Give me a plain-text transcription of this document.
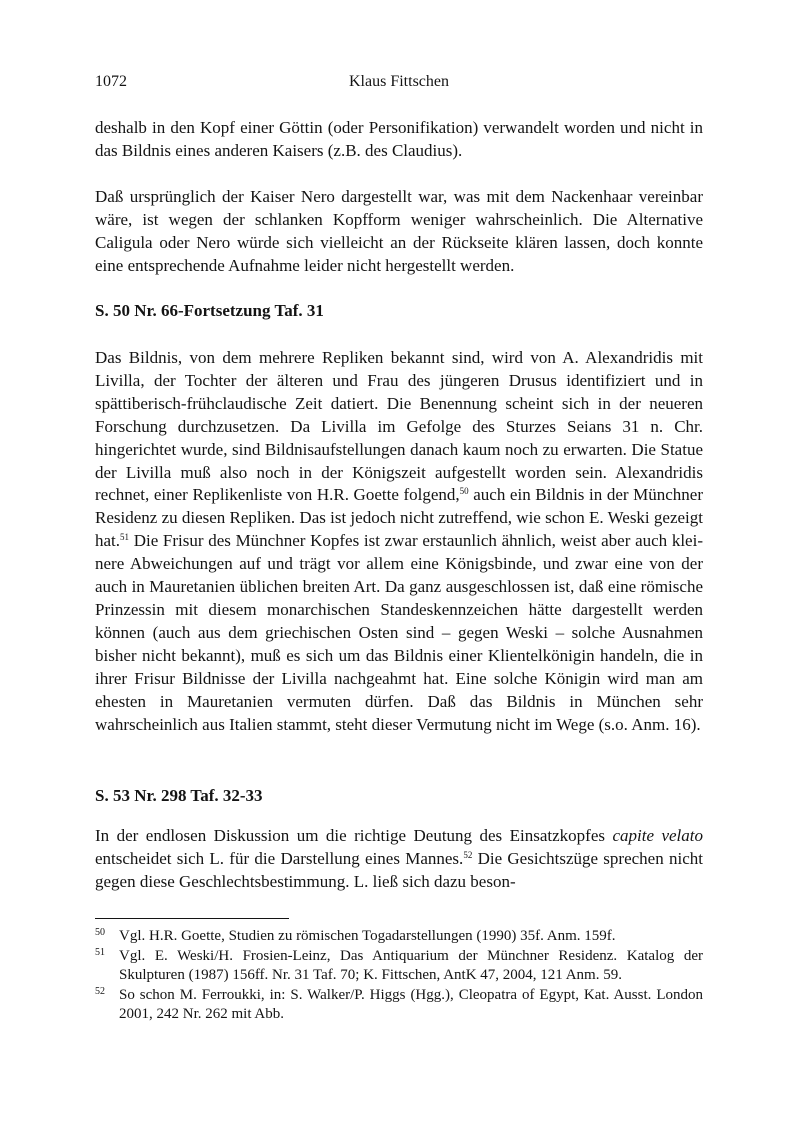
1072	Klaus Fittschen

deshalb in den Kopf einer Göttin (oder Personifikation) verwandelt worden und nicht in das Bildnis eines anderen Kaisers (z.B. des Claudius).

Daß ursprünglich der Kaiser Nero dargestellt war, was mit dem Nackenhaar vereinbar wäre, ist wegen der schlanken Kopfform weniger wahrscheinlich. Die Alternative Caligula oder Nero würde sich vielleicht an der Rückseite klären lassen, doch konnte eine entsprechende Aufnahme leider nicht hergestellt werden.

S. 50 Nr. 66-Fortsetzung Taf. 31

Das Bildnis, von dem mehrere Repliken bekannt sind, wird von A. Alexandridis mit Livilla, der Tochter der älteren und Frau des jüngeren Drusus identifiziert und in spättiberisch-frühclaudische Zeit datiert. Die Benennung scheint sich in der neueren Forschung durchzusetzen. Da Livilla im Gefolge des Sturzes Seians 31 n. Chr. hingerichtet wurde, sind Bildnisaufstellungen danach kaum noch zu erwarten. Die Statue der Livilla muß also noch in der Königszeit aufgestellt worden sein. Alexandridis rechnet, einer Replikenliste von H.R. Goette folgend,$^{50}$ auch ein Bildnis in der Münchner Residenz zu diesen Repliken. Das ist jedoch nicht zutreffend, wie schon E. Weski gezeigt hat.$^{51}$ Die Frisur des Münchner Kopfes ist zwar erstaunlich ähnlich, weist aber auch kleinere Abweichungen auf und trägt vor allem eine Königsbinde, und zwar eine von der auch in Mauretanien üblichen breiten Art. Da ganz ausgeschlossen ist, daß eine römische Prinzessin mit diesem monarchischen Standeskennzeichen hätte dargestellt werden können (auch aus dem griechischen Osten sind – gegen Weski – solche Ausnahmen bisher nicht bekannt), muß es sich um das Bildnis einer Klientelkönigin handeln, die in ihrer Frisur Bildnisse der Livilla nachgeahmt hat. Eine solche Königin wird man am ehesten in Mauretanien vermuten dürfen. Daß das Bildnis in München sehr wahrscheinlich aus Italien stammt, steht dieser Vermutung nicht im Wege (s.o. Anm. 16).

S. 53 Nr. 298 Taf. 32-33

In der endlosen Diskussion um die richtige Deutung des Einsatzkopfes capite velato entscheidet sich L. für die Darstellung eines Mannes.$^{52}$ Die Gesichtszüge sprechen nicht gegen diese Geschlechtsbestimmung. L. ließ sich dazu beson-

50 Vgl. H.R. Goette, Studien zu römischen Togadarstellungen (1990) 35f. Anm. 159f.
51 Vgl. E. Weski/H. Frosien-Leinz, Das Antiquarium der Münchner Residenz. Katalog der Skulpturen (1987) 156ff. Nr. 31 Taf. 70; K. Fittschen, AntK 47, 2004, 121 Anm. 59.
52 So schon M. Ferroukki, in: S. Walker/P. Higgs (Hgg.), Cleopatra of Egypt, Kat. Ausst. London 2001, 242 Nr. 262 mit Abb.
